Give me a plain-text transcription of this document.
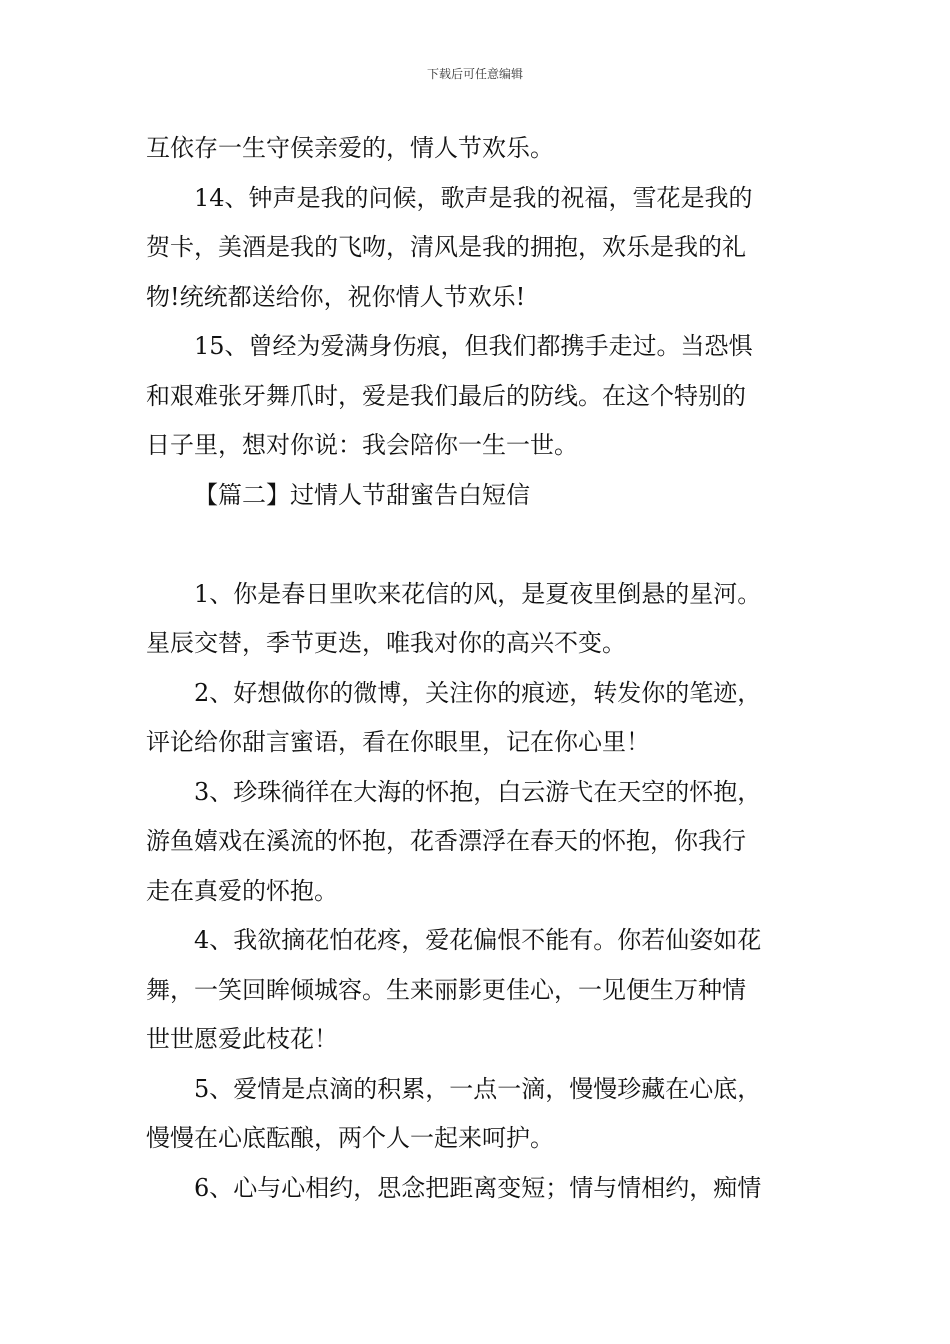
下载后可任意编辑
互依存一生守侯亲爱的，情人节欢乐。
14、钟声是我的问候，歌声是我的祝福，雪花是我的
贺卡，美酒是我的飞吻，清风是我的拥抱，欢乐是我的礼
物!统统都送给你，祝你情人节欢乐!
15、曾经为爱满身伤痕，但我们都携手走过。当恐惧
和艰难张牙舞爪时，爱是我们最后的防线。在这个特别的
日子里，想对你说：我会陪你一生一世。
【篇二】过情人节甜蜜告白短信
1、你是春日里吹来花信的风，是夏夜里倒悬的星河。
星辰交替，季节更迭，唯我对你的高兴不变。
2、好想做你的微博，关注你的痕迹，转发你的笔迹，
评论给你甜言蜜语，看在你眼里，记在你心里！
3、珍珠徜徉在大海的怀抱，白云游弋在天空的怀抱，
游鱼嬉戏在溪流的怀抱，花香漂浮在春天的怀抱，你我行
走在真爱的怀抱。
4、我欲摘花怕花疼，爱花偏恨不能有。你若仙姿如花
舞，一笑回眸倾城容。生来丽影更佳心，一见便生万种情
世世愿爱此枝花！
5、爱情是点滴的积累，一点一滴，慢慢珍藏在心底，
慢慢在心底酝酿，两个人一起来呵护。
6、心与心相约，思念把距离变短；情与情相约，痴情
